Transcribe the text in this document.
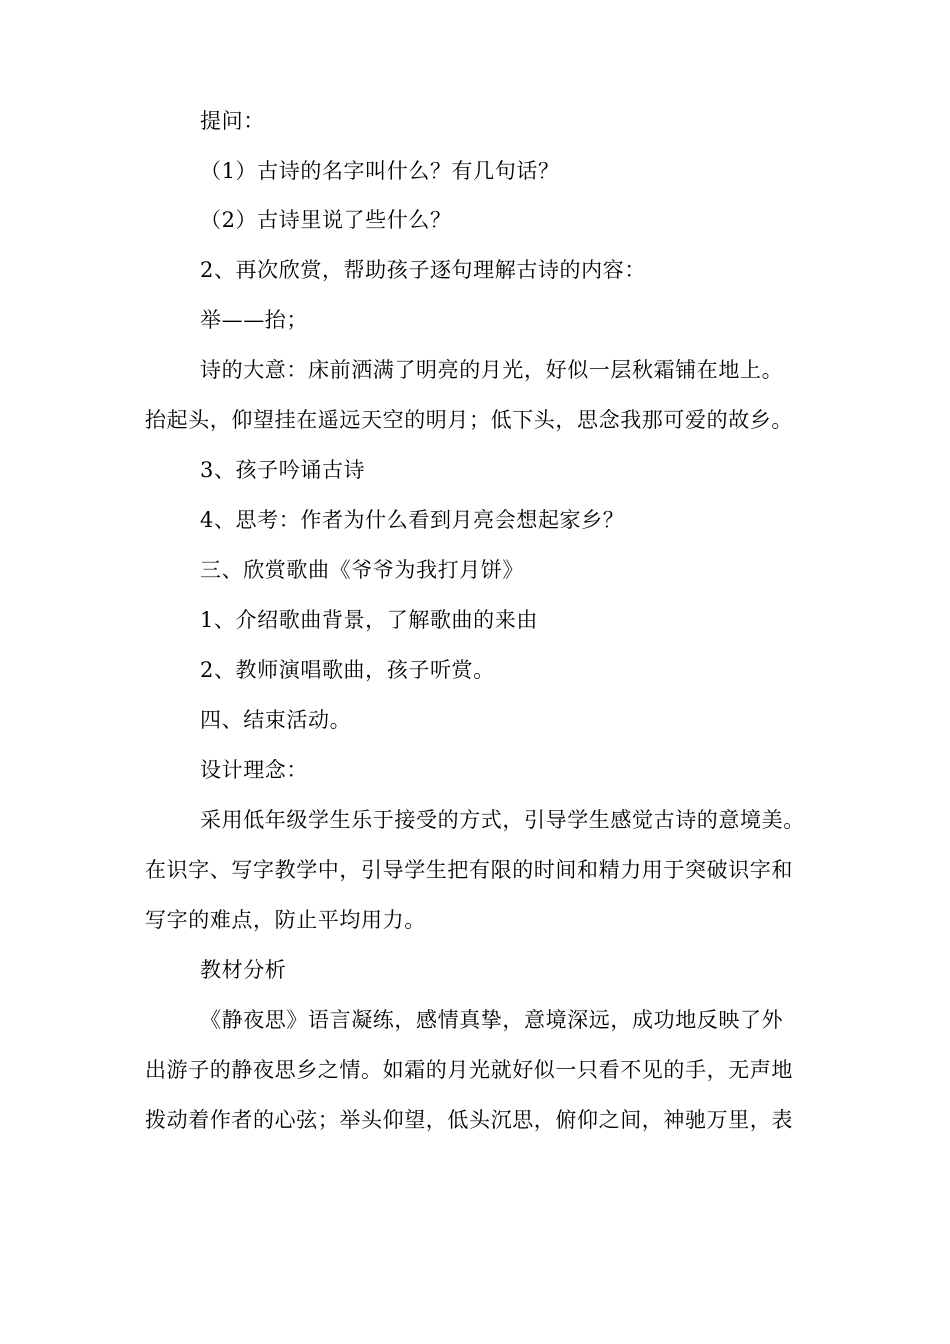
提问：
（1）古诗的名字叫什么？有几句话？
（2）古诗里说了些什么？
2、再次欣赏，帮助孩子逐句理解古诗的内容：
举——抬；
诗的大意：床前洒满了明亮的月光，好似一层秋霜铺在地上。
抬起头，仰望挂在遥远天空的明月；低下头，思念我那可爱的故乡。
3、孩子吟诵古诗
4、思考：作者为什么看到月亮会想起家乡？
三、欣赏歌曲《爷爷为我打月饼》
1、介绍歌曲背景，了解歌曲的来由
2、教师演唱歌曲，孩子听赏。
四、结束活动。
设计理念：
采用低年级学生乐于接受的方式，引导学生感觉古诗的意境美。
在识字、写字教学中，引导学生把有限的时间和精力用于突破识字和
写字的难点，防止平均用力。
教材分析
《静夜思》语言凝练，感情真挚，意境深远，成功地反映了外
出游子的静夜思乡之情。如霜的月光就好似一只看不见的手，无声地
拨动着作者的心弦；举头仰望，低头沉思，俯仰之间，神驰万里，表
